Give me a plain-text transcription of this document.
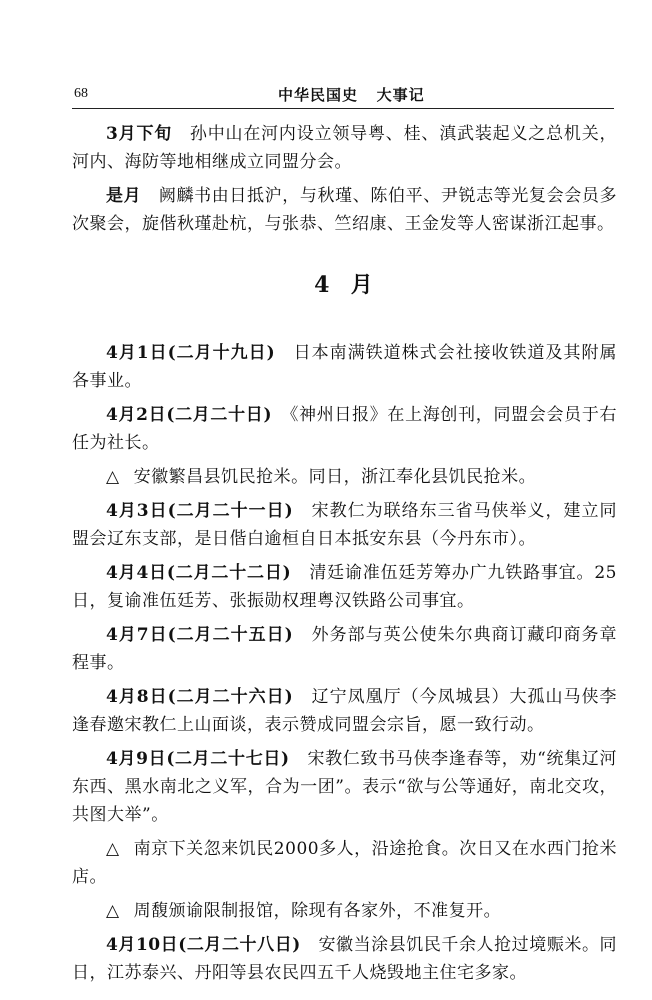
68	中华民国史   大事记

3月下旬　 孙中山在河内设立领导粤、桂、滇武装起义之总机关，河内、海防等地相继成立同盟分会。

是月　 阙麟书由日抵沪，与秋瑾、陈伯平、尹锐志等光复会会员多次聚会，旋偕秋瑾赴杭，与张恭、竺绍康、王金发等人密谋浙江起事。

4  月

4月1日(二月十九日)　 日本南满铁道株式会社接收铁道及其附属各事业。

4月2日(二月二十日)　 《神州日报》在上海创刊，同盟会会员于右任为社长。

△ 安徽繁昌县饥民抢米。同日，浙江奉化县饥民抢米。

4月3日(二月二十一日)　 宋教仁为联络东三省马侠举义，建立同盟会辽东支部，是日偕白逾桓自日本抵安东县（今丹东市）。

4月4日(二月二十二日)　 清廷谕准伍廷芳筹办广九铁路事宜。25日，复谕准伍廷芳、张振勋权理粤汉铁路公司事宜。

4月7日(二月二十五日)　 外务部与英公使朱尔典商订藏印商务章程事。

4月8日(二月二十六日)　 辽宁凤凰厅（今凤城县）大孤山马侠李逢春邀宋教仁上山面谈，表示赞成同盟会宗旨，愿一致行动。

4月9日(二月二十七日)　 宋教仁致书马侠李逢春等，劝“统集辽河东西、黑水南北之义军，合为一团”。表示“欲与公等通好，南北交攻，共图大举”。

△ 南京下关忽来饥民2000多人，沿途抢食。次日又在水西门抢米店。

△ 周馥颁谕限制报馆，除现有各家外，不准复开。

4月10日(二月二十八日)　 安徽当涂县饥民千余人抢过境赈米。同日，江苏泰兴、丹阳等县农民四五千人烧毁地主住宅多家。
